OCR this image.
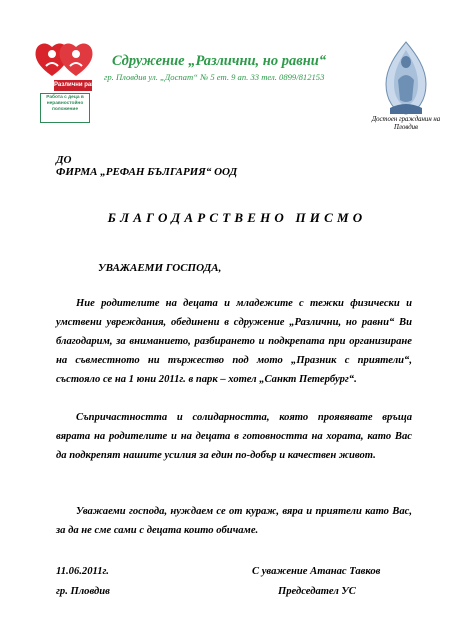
Различни равни
Работа с деца в неравностойно положение
Сдружение „Различни, но равни“
гр. Пловдив ул. „Доспат“ № 5 ет. 9 ап. 33 тел. 0899/812153
Достоен гражданин на Пловдив
ДО
ФИРМА „РЕФАН БЪЛГАРИЯ“ ООД
БЛАГОДАРСТВЕНО ПИСМО
УВАЖАЕМИ ГОСПОДА,
Ние родителите на децата и младежите с тежки физически и умствени увреждания, обединени в сдружение „Различни, но равни“ Ви благодарим, за вниманието, разбирането и подкрепата при организиране на съвместното ни тържество под мото „Празник с приятели“, състояло се на 1 юни 2011г. в парк – хотел „Санкт Петербург“.
Съпричастността и солидарността, която проявявате връща вярата на родителите и на децата в готовността на хората, като Вас да подкрепят нашите усилия за един по-добър и качествен живот.
Уважаеми господа, нуждаем се от кураж, вяра и приятели като Вас, за да не сме сами с децата които обичаме.
11.06.2011г.
гр. Пловдив
С уважение Атанас Тавков
Председател УС
